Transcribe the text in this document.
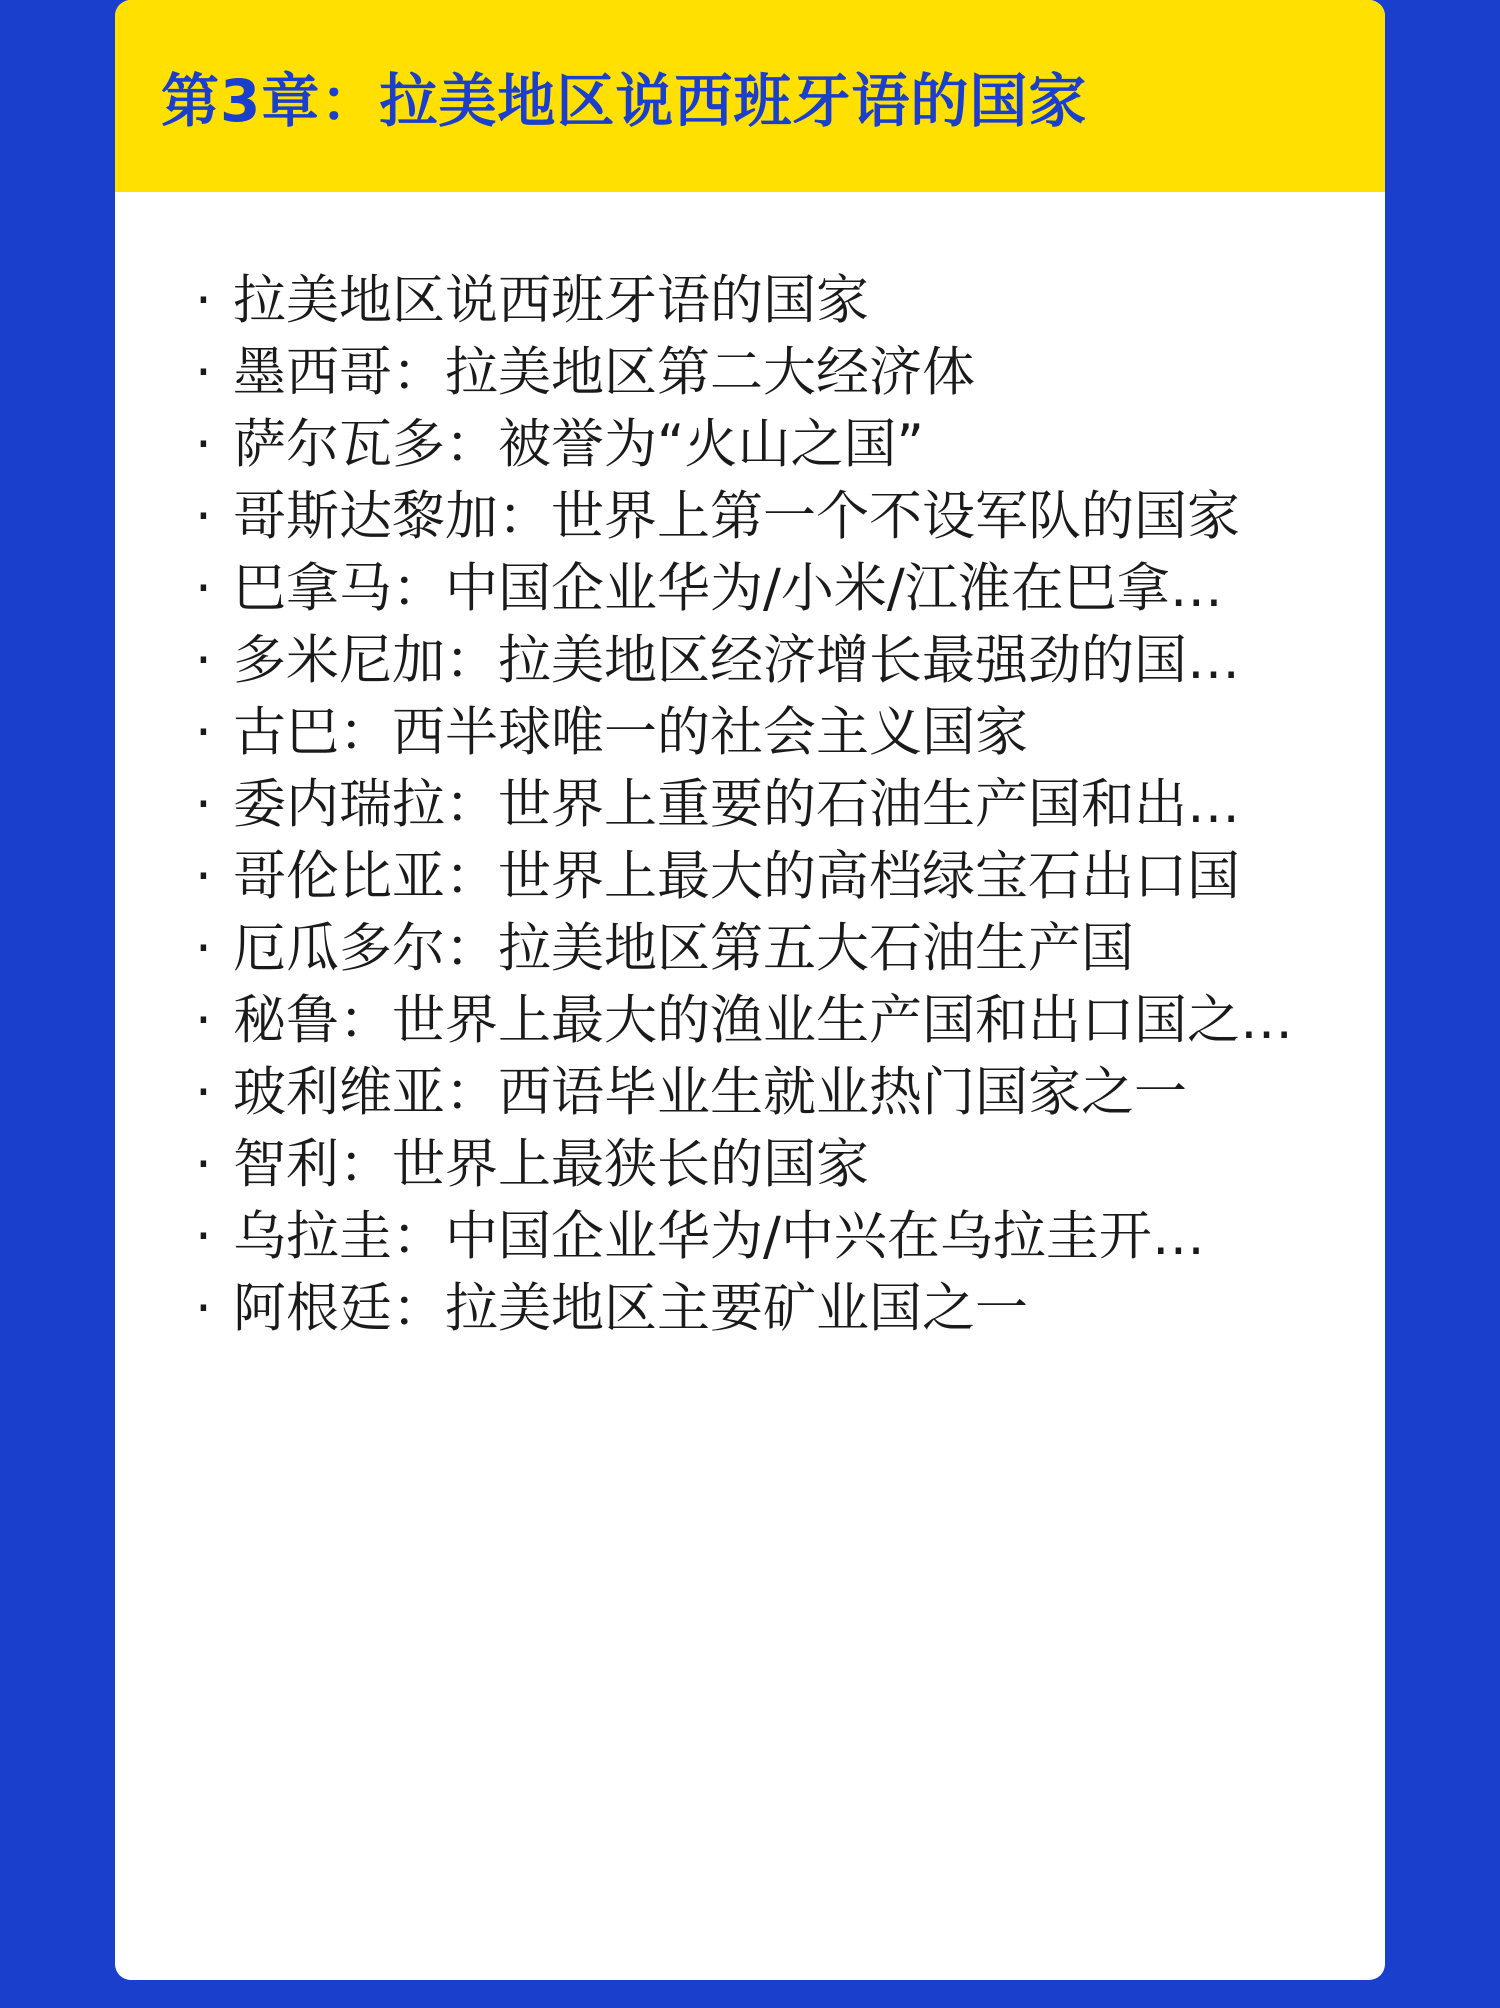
第3章：拉美地区说西班牙语的国家
· 拉美地区说西班牙语的国家
· 墨西哥：拉美地区第二大经济体
· 萨尔瓦多：被誉为“火山之国”
· 哥斯达黎加：世界上第一个不设军队的国家
· 巴拿马：中国企业华为/小米/江淮在巴拿…
· 多米尼加：拉美地区经济增长最强劲的国…
· 古巴：西半球唯一的社会主义国家
· 委内瑞拉：世界上重要的石油生产国和出…
· 哥伦比亚：世界上最大的高档绿宝石出口国
· 厄瓜多尔：拉美地区第五大石油生产国
· 秘鲁：世界上最大的渔业生产国和出口国之…
· 玻利维亚：西语毕业生就业热门国家之一
· 智利：世界上最狭长的国家
· 乌拉圭：中国企业华为/中兴在乌拉圭开…
· 阿根廷：拉美地区主要矿业国之一
